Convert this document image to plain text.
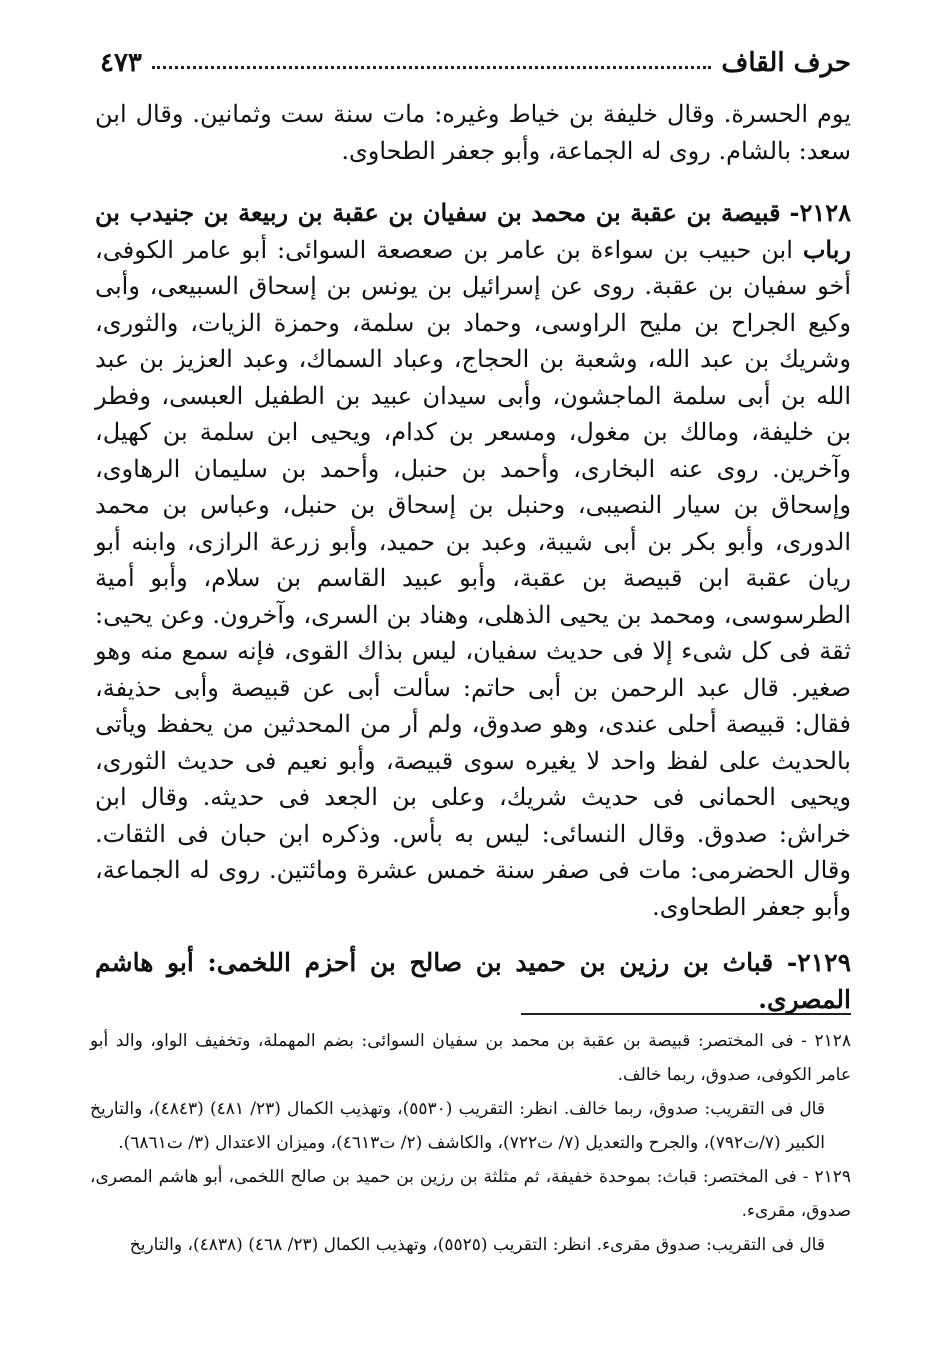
حرف القاف
٤٧٣

يوم الحسرة. وقال خليفة بن خياط وغيره: مات سنة ست وثمانين. وقال ابن سعد: بالشام. روى له الجماعة، وأبو جعفر الطحاوى.

٢١٢٨- قبيصة بن عقبة بن محمد بن سفيان بن عقبة بن ربيعة بن جنيدب بن رباب ابن حبيب بن سواءة بن عامر بن صعصعة السوائى: أبو عامر الكوفى، أخو سفيان بن عقبة. روى عن إسرائيل بن يونس بن إسحاق السبيعى، وأبى وكيع الجراح بن مليح الراوسى، وحماد بن سلمة، وحمزة الزيات، والثورى، وشريك بن عبد الله، وشعبة بن الحجاج، وعباد السماك، وعبد العزيز بن عبد الله بن أبى سلمة الماجشون، وأبى سيدان عبيد بن الطفيل العبسى، وفطر بن خليفة، ومالك بن مغول، ومسعر بن كدام، ويحيى ابن سلمة بن كهيل، وآخرين. روى عنه البخارى، وأحمد بن حنبل، وأحمد بن سليمان الرهاوى، وإسحاق بن سيار النصيبى، وحنبل بن إسحاق بن حنبل، وعباس بن محمد الدورى، وأبو بكر بن أبى شيبة، وعبد بن حميد، وأبو زرعة الرازى، وابنه أبو ريان عقبة ابن قبيصة بن عقبة، وأبو عبيد القاسم بن سلام، وأبو أمية الطرسوسى، ومحمد بن يحيى الذهلى، وهناد بن السرى، وآخرون. وعن يحيى: ثقة فى كل شىء إلا فى حديث سفيان، ليس بذاك القوى، فإنه سمع منه وهو صغير. قال عبد الرحمن بن أبى حاتم: سألت أبى عن قبيصة وأبى حذيفة، فقال: قبيصة أحلى عندى، وهو صدوق، ولم أر من المحدثين من يحفظ ويأتى بالحديث على لفظ واحد لا يغيره سوى قبيصة، وأبو نعيم فى حديث الثورى، ويحيى الحمانى فى حديث شريك، وعلى بن الجعد فى حديثه. وقال ابن خراش: صدوق. وقال النسائى: ليس به بأس. وذكره ابن حبان فى الثقات. وقال الحضرمى: مات فى صفر سنة خمس عشرة ومائتين. روى له الجماعة، وأبو جعفر الطحاوى.

٢١٢٩- قباث بن رزين بن حميد بن صالح بن أحزم اللخمى: أبو هاشم المصرى.

٢١٢٨ - فى المختصر: قبيصة بن عقبة بن محمد بن سفيان السوائى: بضم المهملة، وتخفيف الواو، والد أبو عامر الكوفى، صدوق، ربما خالف.

قال فى التقريب: صدوق، ربما خالف. انظر: التقريب (٥٥٣٠)، وتهذيب الكمال (٢٣/ ٤٨١) (٤٨٤٣)، والتاريخ الكبير (٧/ت٧٩٢)، والجرح والتعديل (٧/ ت٧٢٢)، والكاشف (٢/ ت٤٦١٣)، وميزان الاعتدال (٣/ ت٦٨٦١).

٢١٢٩ - فى المختصر: قباث: بموحدة خفيفة، ثم مثلثة بن رزين بن حميد بن صالح اللخمى، أبو هاشم المصرى، صدوق، مقرىء.

قال فى التقريب: صدوق مقرىء. انظر: التقريب (٥٥٢٥)، وتهذيب الكمال (٢٣/ ٤٦٨) (٤٨٣٨)، والتاريخ
